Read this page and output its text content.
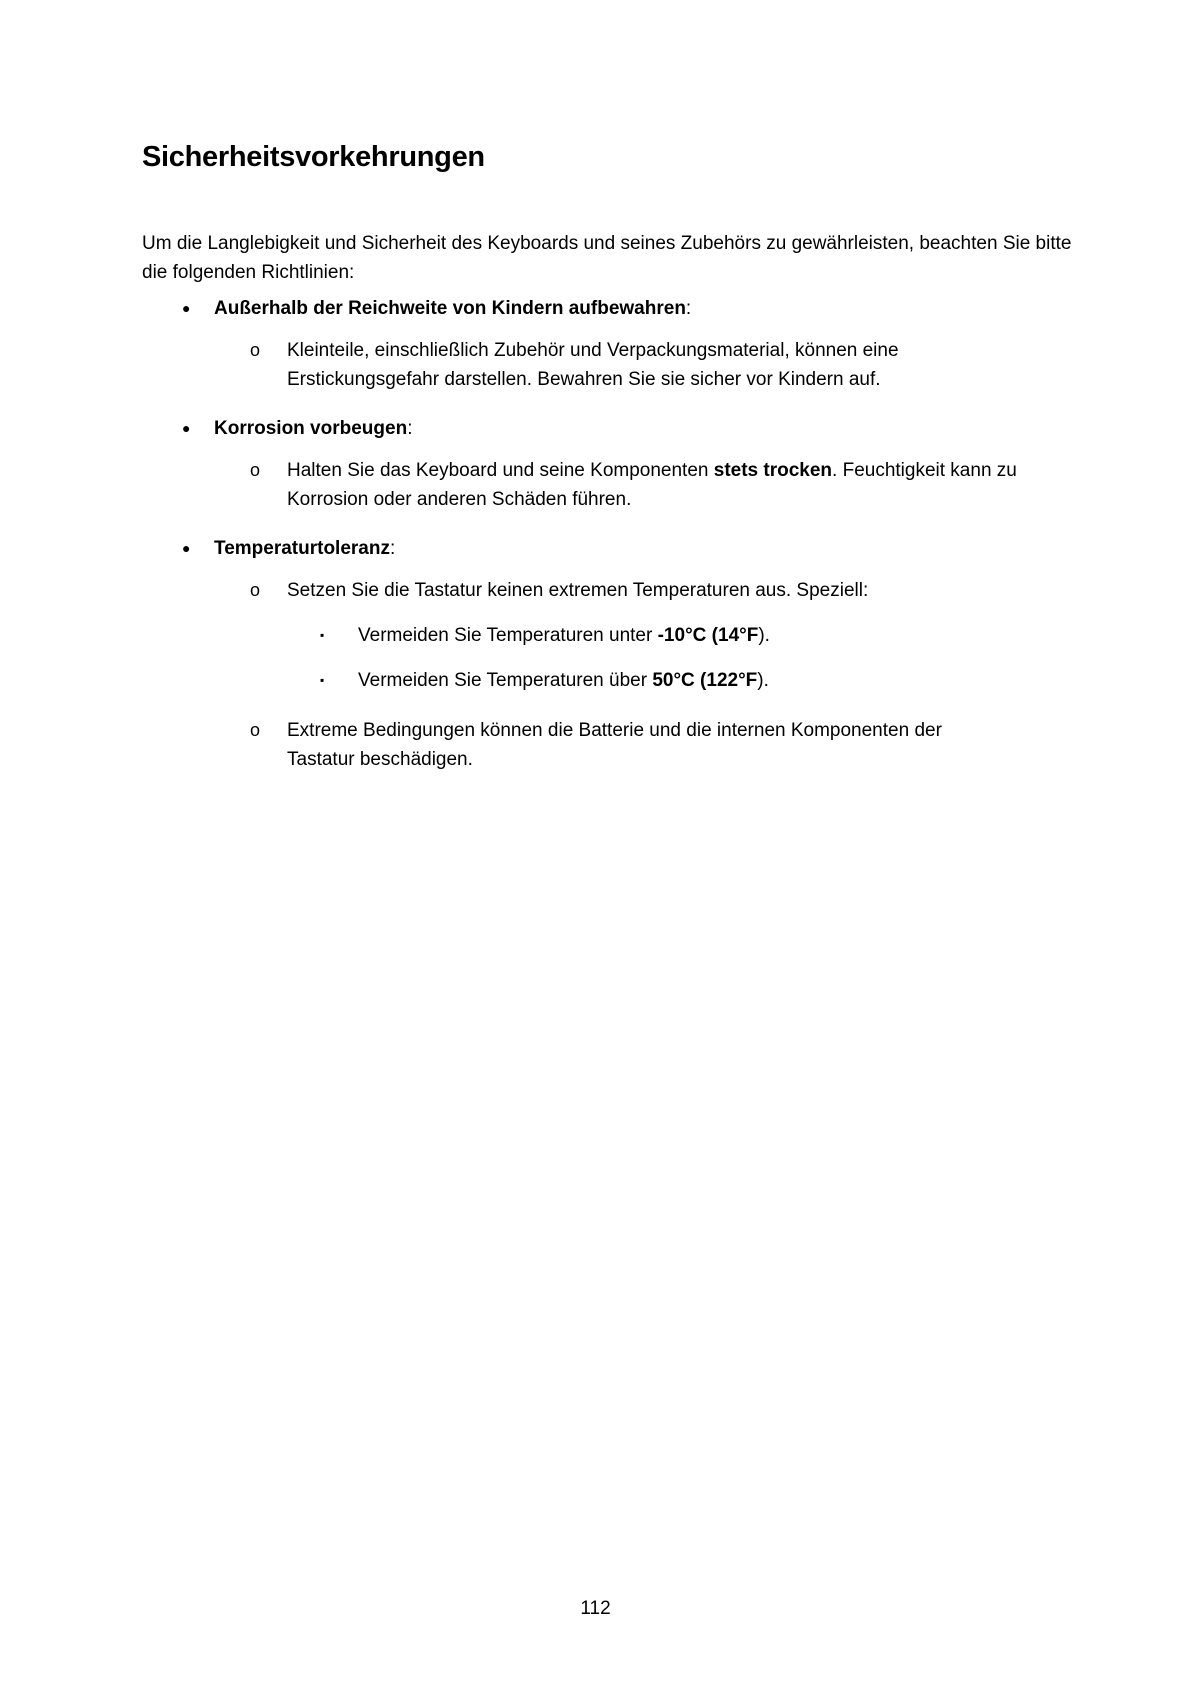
Sicherheitsvorkehrungen

Um die Langlebigkeit und Sicherheit des Keyboards und seines Zubehörs zu gewährleisten, beachten Sie bitte die folgenden Richtlinien:

● Außerhalb der Reichweite von Kindern aufbewahren:

o Kleinteile, einschließlich Zubehör und Verpackungsmaterial, können eine

Erstickungsgefahr darstellen. Bewahren Sie sie sicher vor Kindern auf.

● Korrosion vorbeugen:

o Halten Sie das Keyboard und seine Komponenten stets trocken. Feuchtigkeit kann zu

Korrosion oder anderen Schäden führen.

● Temperaturtoleranz:

o Setzen Sie die Tastatur keinen extremen Temperaturen aus. Speziell:

▪ Vermeiden Sie Temperaturen unter -10°C (14°F).

▪ Vermeiden Sie Temperaturen über 50°C (122°F).

o Extreme Bedingungen können die Batterie und die internen Komponenten der

Tastatur beschädigen.

112
